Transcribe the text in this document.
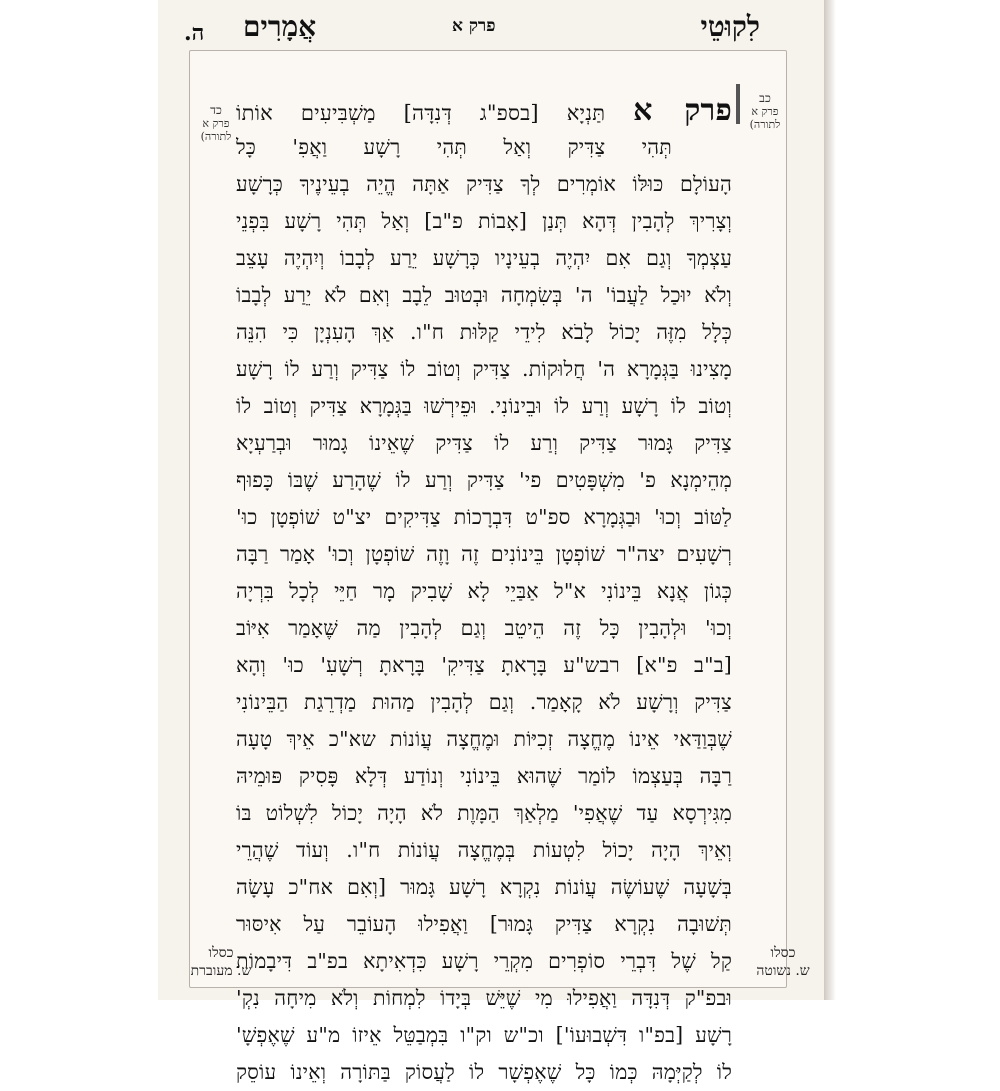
לִקוּטֵי
פרק א
אֲמָרִים
ה.
כב
פרק א
לתורה)
כד
פרק א
לתורה)
פרק א תַּנְיָא [בספ"ג דְּנִדָּה] מַשְׁבִּיעִים אוֹתוֹ
תְּהִי צַדִּיק וְאַל תְּהִי רָשָׁע וַאֲפִ' כָּל
הָעוֹלָם כּוּלּוֹ אוֹמְרִים לְךָ צַדִּיק אַתָּה הֱיֵה בְעֵינֶיךָ כְּרָשָׁע
וְצָרִיךְ לְהָבִין דְּהָא תְּנַן [אָבוֹת פ"ב] וְאַל תְּהִי רָשָׁע בִּפְנֵי
עַצְמְךָ וְגַם אִם יִהְיֶה בְעֵינָיו כְּרָשָׁע יֵרַע לְבָבוֹ וְיִהְיֶה עָצֵב
וְלֹא יוּכַל לַעֲבוֹ' ה' בְּשִׂמְחָה וּבְטוּב לֵבָב וְאִם לֹא יֵרַע לְבָבוֹ
כְּלָל מִזֶּה יָכוֹל לָבֹא לִידֵי קַלּוּת ח"ו. אַךְ הָעִנְיָן כִּי הִנֵּה
מָצִינוּ בַּגְּמָרָא ה' חֲלוּקוֹת. צַדִּיק וְטוֹב לוֹ צַדִּיק וְרַע לוֹ רָשָׁע
וְטוֹב לוֹ רָשָׁע וְרַע לוֹ וּבֵינוֹנִי. וּפֵירְשׁוּ בַּגְּמָרָא צַדִּיק וְטוֹב לוֹ
צַדִּיק גָּמוּר צַדִּיק וְרַע לוֹ צַדִּיק שֶׁאֵינוֹ גָמוּר וּבְרַעְיָא
מְהֵימְנָא פ' מִשְׁפָּטִים פי' צַדִּיק וְרַע לוֹ שֶׁהָרַע שֶׁבּוֹ כָּפוּף
לַטּוֹב וְכוּ' וּבַגְּמָרָא ספ"ט דִּבְרָכוֹת צַדִּיקִים יצ"ט שׁוֹפְטָן כוּ'
רְשָׁעִים יצה"ר שׁוֹפְטָן בֵּינוֹנִים זֶה וָזֶה שׁוֹפְטָן וְכוּ' אָמַר רַבָּה
כְּגוֹן אֲנָא בֵּינוֹנִי א"ל אַבַּיֵי לָא שָׁבִיק מָר חַיֵּי לְכָל בִּרְיָה
וְכוּ' וּלְהָבִין כָּל זֶה הֵיטֵב וְגַם לְהָבִין מַה שֶּׁאָמַר אִיּוֹב
[ב"ב פ"א] רבש"ע בָּרָאתָ צַדִּיקִ' בָּרָאתָ רְשָׁעִ' כוּ' וְהָא
צַדִּיק וְרָשָׁע לֹא קָאָמַר. וְגַם לְהָבִין מַהוּת מַדְרֵגַת הַבֵּינוֹנִי
שֶׁבְּוַדַּאי אֵינוֹ מֶחֱצָה זְכִיּוֹת וּמֶחֱצָה עֲוֹנוֹת שא"כ אֵיךְ טָעָה
רַבָּה בְּעַצְמוֹ לוֹמַר שֶׁהוּא בֵּינוֹנִי וְנוֹדַע דְּלָא פָּסִיק פּוּמֵיהּ
מִגִּירְסָא עַד שֶׁאֲפִי' מַלְאַךְ הַמָּוֶת לֹא הָיָה יָכוֹל לִשְׁלוֹט בּוֹ
וְאֵיךְ הָיָה יָכוֹל לִטְעוֹת בְּמֶחֱצָה עֲוֹנוֹת ח"ו. וְעוֹד שֶׁהֲרֵי
בְּשָׁעָה שֶׁעוֹשֶׂה עֲוֹנוֹת נִקְרָא רָשָׁע גָּמוּר [וְאִם אח"כ עָשָׂה
תְּשׁוּבָה נִקְרָא צַדִּיק גָּמוּר] וַאֲפִילוּ הָעוֹבֵר עַל אִיסּוּר
קַל שֶׁל דִּבְרֵי סוֹפְרִים מִקְרֵי רָשָׁע כִּדְאִיתָא בפ"ב דִּיבָמוֹת
וּבפ"ק דְּנִדָּה וַאֲפִילוּ מִי שֶׁיֵּשׁ בְּיָדוֹ לִמְחוֹת וְלֹא מִיחָה נִקְ'
רָשָׁע [בפ"ו דִּשְׁבוּעוֹ'] וכ"ש וק"ו בִּמְבַטֵּל אֵיזוֹ מ"ע שֶׁאֶפְשָׁ'
לוֹ לְקַיְּמָהּ כְּמוֹ כָּל שֶׁאֶפְשָׁר לוֹ לַעֲסוֹק בַּתּוֹרָה וְאֵינוֹ עוֹסֵק
כסלו
ש. נשוטה
כסלו
ש. מעוברת
